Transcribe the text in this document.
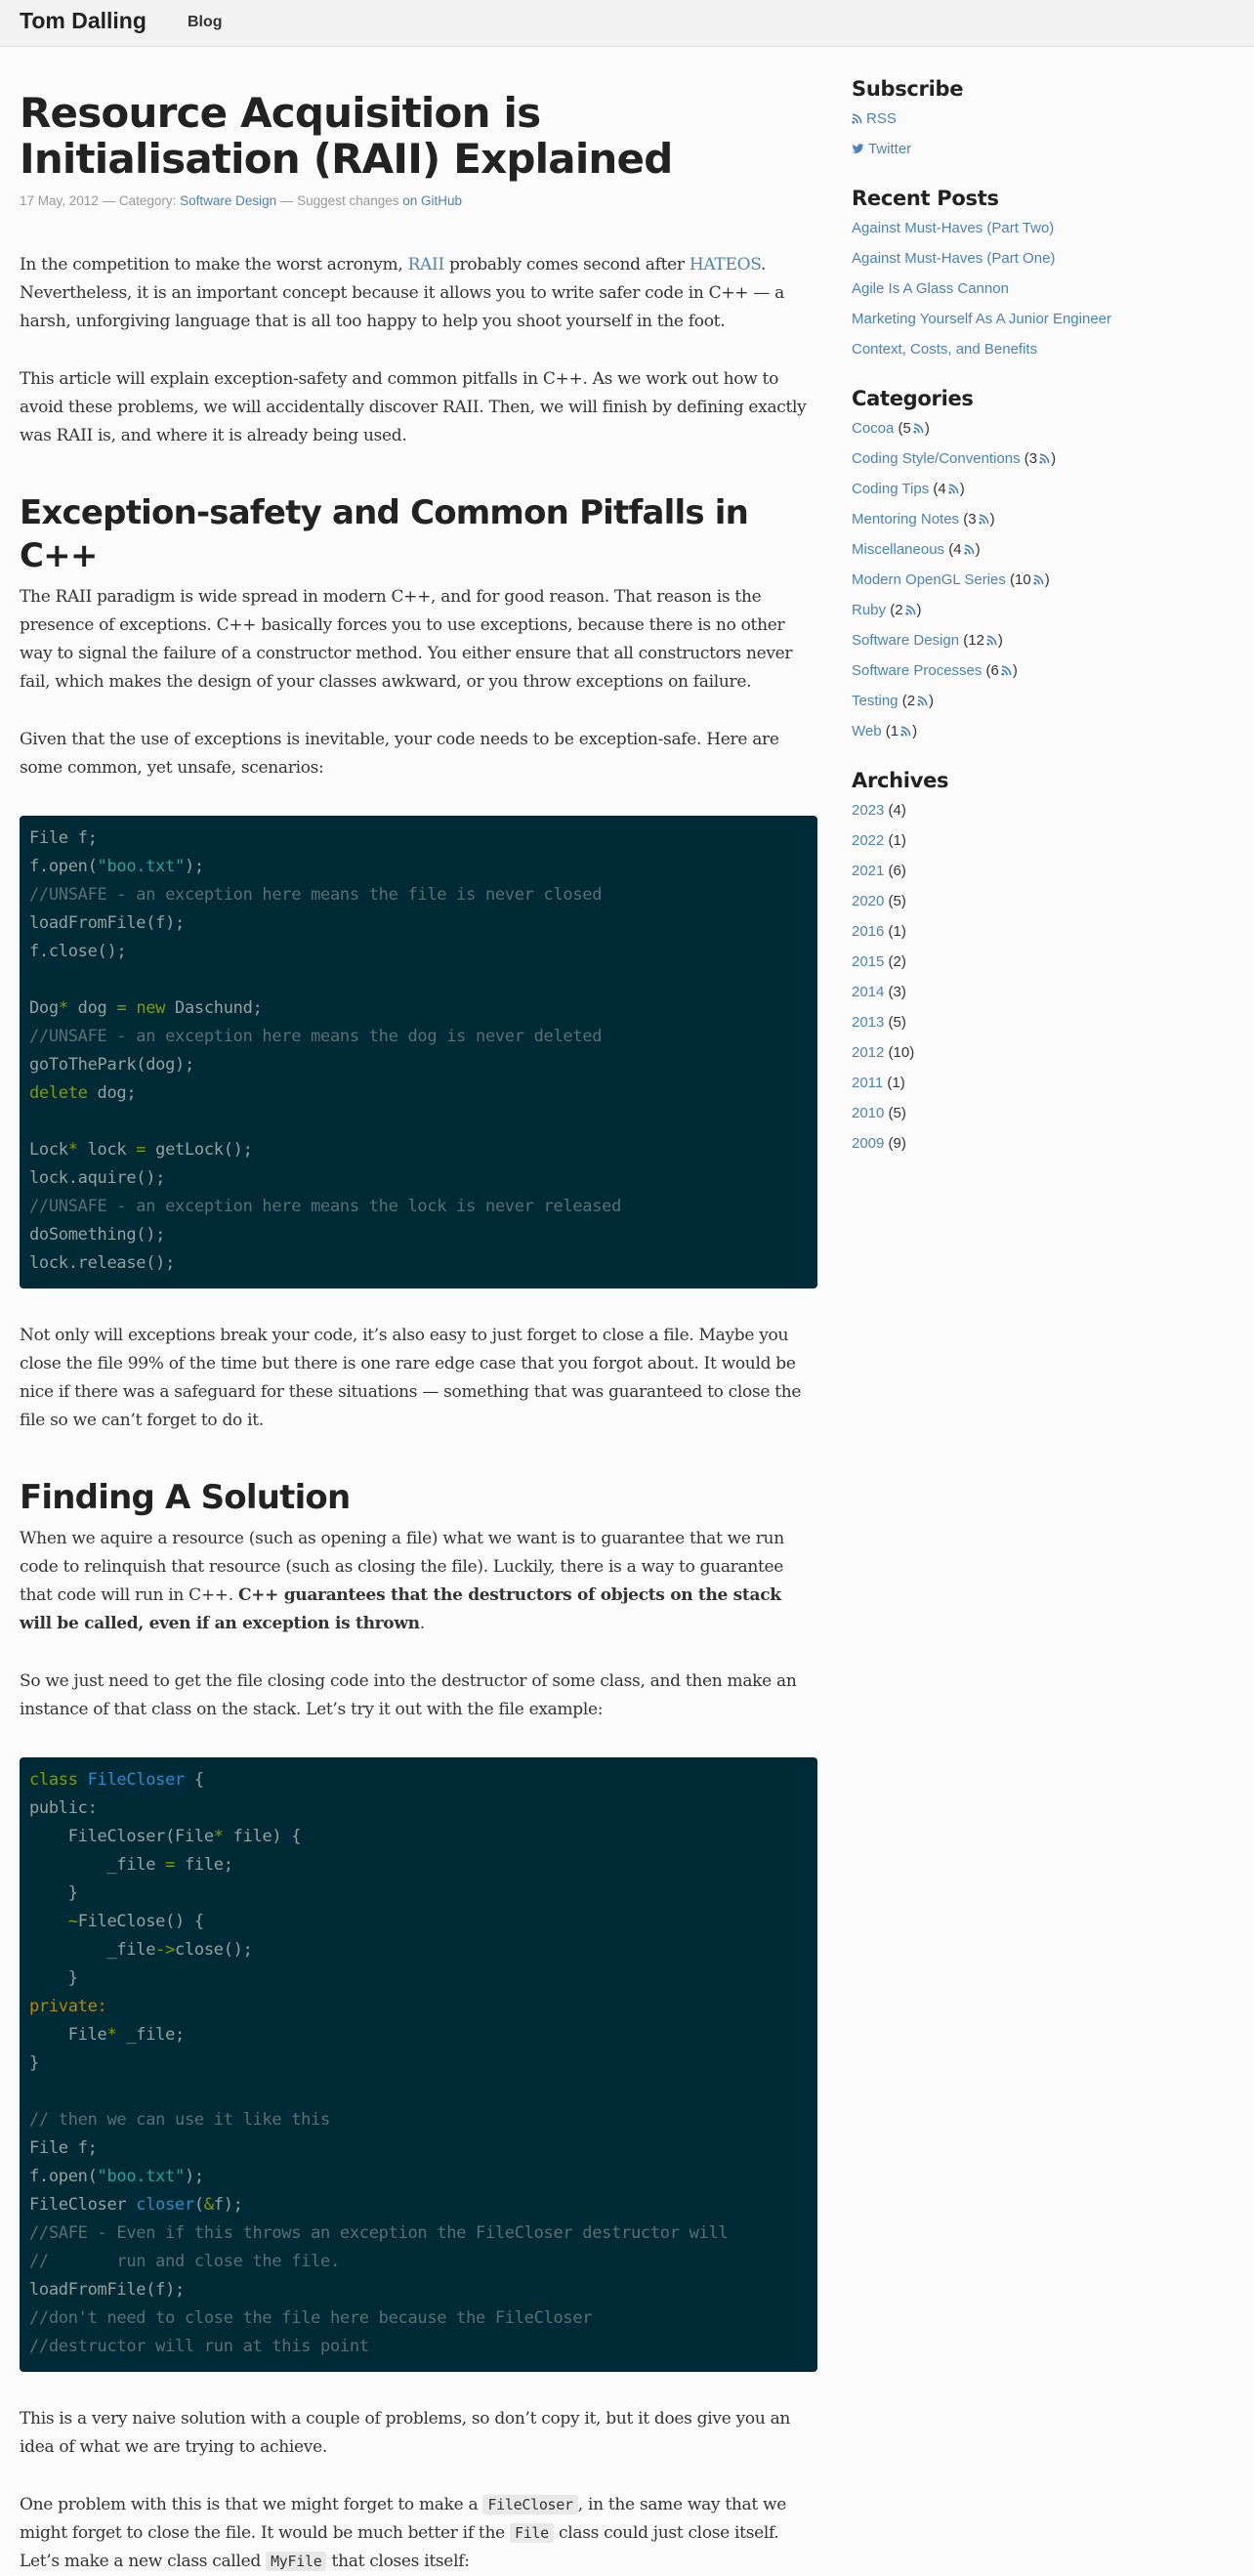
Tom Dalling	Blog
Resource Acquisition is Initialisation (RAII) Explained
17 May, 2012 — Category: Software Design — Suggest changes on GitHub

In the competition to make the worst acronym, RAII probably comes second after HATEOS. Nevertheless, it is an important concept because it allows you to write safer code in C++ — a harsh, unforgiving language that is all too happy to help you shoot yourself in the foot.

This article will explain exception-safety and common pitfalls in C++. As we work out how to avoid these problems, we will accidentally discover RAII. Then, we will finish by defining exactly was RAII is, and where it is already being used.

Exception-safety and Common Pitfalls in C++

The RAII paradigm is wide spread in modern C++, and for good reason. That reason is the presence of exceptions. C++ basically forces you to use exceptions, because there is no other way to signal the failure of a constructor method. You either ensure that all constructors never fail, which makes the design of your classes awkward, or you throw exceptions on failure.

Given that the use of exceptions is inevitable, your code needs to be exception-safe. Here are some common, yet unsafe, scenarios:

File f;
f.open("boo.txt");
//UNSAFE - an exception here means the file is never closed
loadFromFile(f);
f.close();
Dog* dog = new Daschund;
//UNSAFE - an exception here means the dog is never deleted
goToThePark(dog);
delete dog;
Lock* lock = getLock();
lock.aquire();
//UNSAFE - an exception here means the lock is never released
doSomething();
lock.release();

Not only will exceptions break your code, it’s also easy to just forget to close a file. Maybe you close the file 99% of the time but there is one rare edge case that you forgot about. It would be nice if there was a safeguard for these situations — something that was guaranteed to close the file so we can’t forget to do it.

Finding A Solution

When we aquire a resource (such as opening a file) what we want is to guarantee that we run code to relinquish that resource (such as closing the file). Luckily, there is a way to guarantee that code will run in C++. C++ guarantees that the destructors of objects on the stack will be called, even if an exception is thrown.

So we just need to get the file closing code into the destructor of some class, and then make an instance of that class on the stack. Let’s try it out with the file example:

class FileCloser {
public:
FileCloser(File* file) {
_file = file;
}
~FileClose() {
_file->close();
}
private:
File* _file;
}
// then we can use it like this
File f;
f.open("boo.txt");
FileCloser closer(&f);
//SAFE - Even if this throws an exception the FileCloser destructor will
//       run and close the file.
loadFromFile(f);
//don't need to close the file here because the FileCloser
//destructor will run at this point

This is a very naive solution with a couple of problems, so don’t copy it, but it does give you an idea of what we are trying to achieve.

One problem with this is that we might forget to make a FileCloser , in the same way that we might forget to close the file. It would be much better if the File class could just close itself. Let’s make a new class called MyFile that closes itself:

Subscribe
RSS
Twitter
Recent Posts
Against Must-Haves (Part Two)
Against Must-Haves (Part One)
Agile Is A Glass Cannon
Marketing Yourself As A Junior Engineer
Context, Costs, and Benefits
Categories
Cocoa (5 )
Coding Style/Conventions (3 )
Coding Tips (4 )
Mentoring Notes (3 )
Miscellaneous (4 )
Modern OpenGL Series (10 )
Ruby (2 )
Software Design (12 )
Software Processes (6 )
Testing (2 )
Web (1 )
Archives
2023 (4)
2022 (1)
2021 (6)
2020 (5)
2016 (1)
2015 (2)
2014 (3)
2013 (5)
2012 (10)
2011 (1)
2010 (5)
2009 (9)
